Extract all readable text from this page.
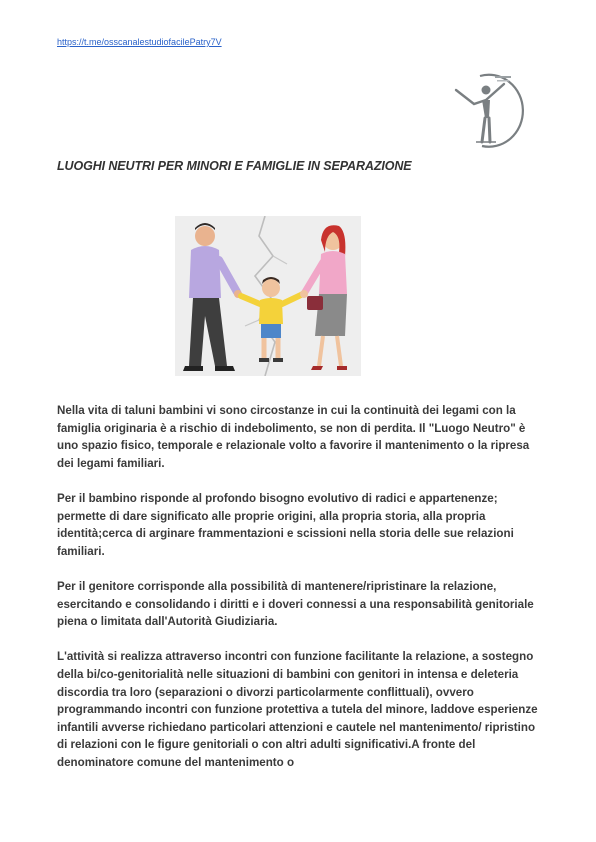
https://t.me/osscanalestudiofacilePatry7V
LUOGHI NEUTRI PER MINORI E FAMIGLIE IN SEPARAZIONE

Nella vita di taluni bambini vi sono circostanze in cui la continuità dei legami con la famiglia originaria è a rischio di indebolimento, se non di perdita. Il "Luogo Neutro" è uno spazio fisico, temporale e relazionale volto a favorire il mantenimento o la ripresa dei legami familiari.

Per il bambino risponde al profondo bisogno evolutivo di radici e appartenenze; permette di dare significato alle proprie origini, alla propria storia, alla propria identità;cerca di arginare frammentazioni e scissioni nella storia delle sue relazioni familiari.

Per il genitore corrisponde alla possibilità di mantenere/ripristinare la relazione, esercitando e consolidando i diritti e i doveri connessi a una responsabilità genitoriale piena o limitata dall'Autorità Giudiziaria.

L'attività si realizza attraverso incontri con funzione facilitante la relazione, a sostegno della bi/co-genitorialità nelle situazioni di bambini con genitori in intensa e deleteria discordia tra loro (separazioni o divorzi particolarmente conflittuali), ovvero programmando incontri con funzione protettiva a tutela del minore, laddove esperienze infantili avverse richiedano particolari attenzioni e cautele nel mantenimento/ ripristino di relazioni con le figure genitoriali o con altri adulti significativi.A fronte del denominatore comune del mantenimento o
